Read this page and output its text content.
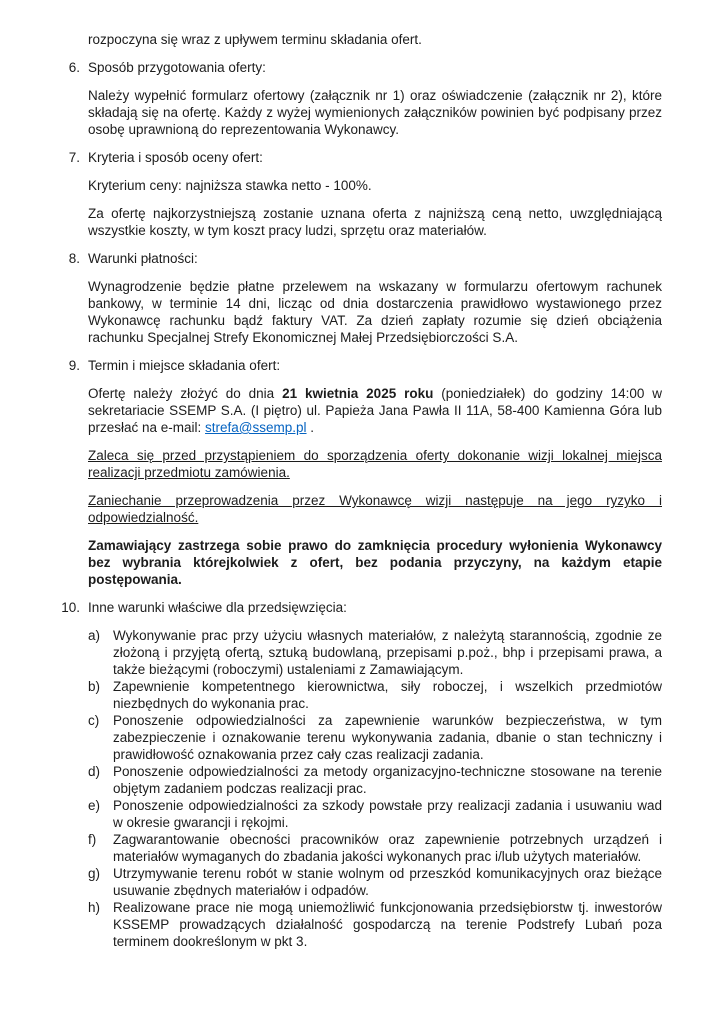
rozpoczyna się wraz z upływem terminu składania ofert.
6. Sposób przygotowania oferty:
Należy wypełnić formularz ofertowy (załącznik nr 1) oraz oświadczenie (załącznik nr 2), które składają się na ofertę. Każdy z wyżej wymienionych załączników powinien być podpisany przez osobę uprawnioną do reprezentowania Wykonawcy.
7. Kryteria i sposób oceny ofert:
Kryterium ceny: najniższa stawka netto - 100%.
Za ofertę najkorzystniejszą zostanie uznana oferta z najniższą ceną netto, uwzględniającą wszystkie koszty, w tym koszt pracy ludzi, sprzętu oraz materiałów.
8. Warunki płatności:
Wynagrodzenie będzie płatne przelewem na wskazany w formularzu ofertowym rachunek bankowy, w terminie 14 dni, licząc od dnia dostarczenia prawidłowo wystawionego przez Wykonawcę rachunku bądź faktury VAT. Za dzień zapłaty rozumie się dzień obciążenia rachunku Specjalnej Strefy Ekonomicznej Małej Przedsiębiorczości S.A.
9. Termin i miejsce składania ofert:

Ofertę należy złożyć do dnia 21 kwietnia 2025 roku (poniedziałek) do godziny 14:00 w sekretariacie SSEMP S.A. (I piętro) ul. Papieża Jana Pawła II 11A, 58-400 Kamienna Góra lub przesłać na e-mail: strefa@ssemp.pl .

Zaleca się przed przystąpieniem do sporządzenia oferty dokonanie wizji lokalnej miejsca realizacji przedmiotu zamówienia.
Zaniechanie przeprowadzenia przez Wykonawcę wizji następuje na jego ryzyko i odpowiedzialność.
Zamawiający zastrzega sobie prawo do zamknięcia procedury wyłonienia Wykonawcy bez wybrania którejkolwiek z ofert, bez podania przyczyny, na każdym etapie postępowania.
10. Inne warunki właściwe dla przedsięwzięcia:
a) Wykonywanie prac przy użyciu własnych materiałów, z należytą starannością, zgodnie ze złożoną i przyjętą ofertą, sztuką budowlaną, przepisami p.poż., bhp i przepisami prawa, a także bieżącymi (roboczymi) ustaleniami z Zamawiającym.
b) Zapewnienie kompetentnego kierownictwa, siły roboczej, i wszelkich przedmiotów niezbędnych do wykonania prac.
c)	Ponoszenie odpowiedzialności za zapewnienie warunków bezpieczeństwa, w tym zabezpieczenie i oznakowanie terenu wykonywania zadania, dbanie o stan techniczny i prawidłowość oznakowania przez cały czas realizacji zadania.
d) Ponoszenie odpowiedzialności za metody organizacyjno-techniczne stosowane na terenie objętym zadaniem podczas realizacji prac.
e) Ponoszenie odpowiedzialności za szkody powstałe przy realizacji zadania i usuwaniu wad w okresie gwarancji i rękojmi.
f)	Zagwarantowanie obecności pracowników oraz zapewnienie potrzebnych urządzeń i materiałów wymaganych do zbadania jakości wykonanych prac i/lub użytych materiałów.
g) Utrzymywanie terenu robót w stanie wolnym od przeszkód komunikacyjnych oraz bieżące usuwanie zbędnych materiałów i odpadów.
h) Realizowane prace nie mogą uniemożliwić funkcjonowania przedsiębiorstw tj. inwestorów KSSEMP prowadzących działalność gospodarczą na terenie Podstrefy Lubań poza terminem dookreślonym w pkt 3.
